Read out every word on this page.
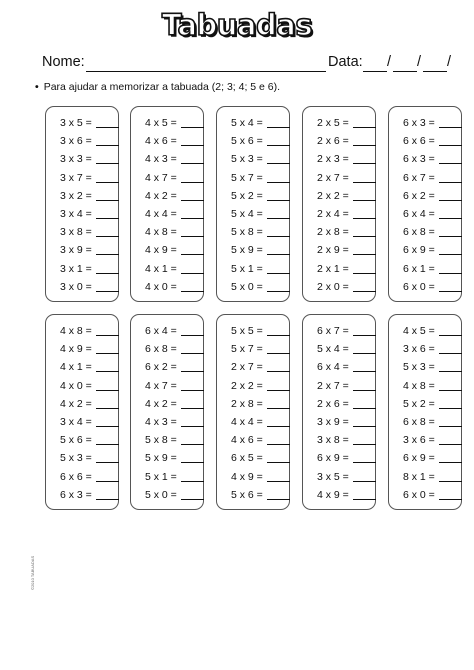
Tabuadas
Nome:	Data: / / /
• Para ajudar a memorizar a tabuada (2; 3; 4; 5 e 6).
3 x 5 =
3 x 6 =
3 x 3 =
3 x 7 =
3 x 2 =
3 x 4 =
3 x 8 =
3 x 9 =
3 x 1 =
3 x 0 =
4 x 5 =
4 x 6 =
4 x 3 =
4 x 7 =
4 x 2 =
4 x 4 =
4 x 8 =
4 x 9 =
4 x 1 =
4 x 0 =
5 x 4 =
5 x 6 =
5 x 3 =
5 x 7 =
5 x 2 =
5 x 4 =
5 x 8 =
5 x 9 =
5 x 1 =
5 x 0 =
2 x 5 =
2 x 6 =
2 x 3 =
2 x 7 =
2 x 2 =
2 x 4 =
2 x 8 =
2 x 9 =
2 x 1 =
2 x 0 =
6 x 3 =
6 x 6 =
6 x 3 =
6 x 7 =
6 x 2 =
6 x 4 =
6 x 8 =
6 x 9 =
6 x 1 =
6 x 0 =
4 x 8 =
4 x 9 =
4 x 1 =
4 x 0 =
4 x 2 =
3 x 4 =
5 x 6 =
5 x 3 =
6 x 6 =
6 x 3 =
6 x 4 =
6 x 8 =
6 x 2 =
4 x 7 =
4 x 2 =
4 x 3 =
5 x 8 =
5 x 9 =
5 x 1 =
5 x 0 =
5 x 5 =
5 x 7 =
2 x 7 =
2 x 2 =
2 x 8 =
4 x 4 =
4 x 6 =
6 x 5 =
4 x 9 =
5 x 6 =
6 x 7 =
5 x 4 =
6 x 4 =
2 x 7 =
2 x 6 =
3 x 9 =
3 x 8 =
6 x 9 =
3 x 5 =
4 x 9 =
4 x 5 =
3 x 6 =
5 x 3 =
4 x 8 =
5 x 2 =
6 x 8 =
3 x 6 =
6 x 9 =
8 x 1 =
6 x 0 =
©2010 TABUADAS
